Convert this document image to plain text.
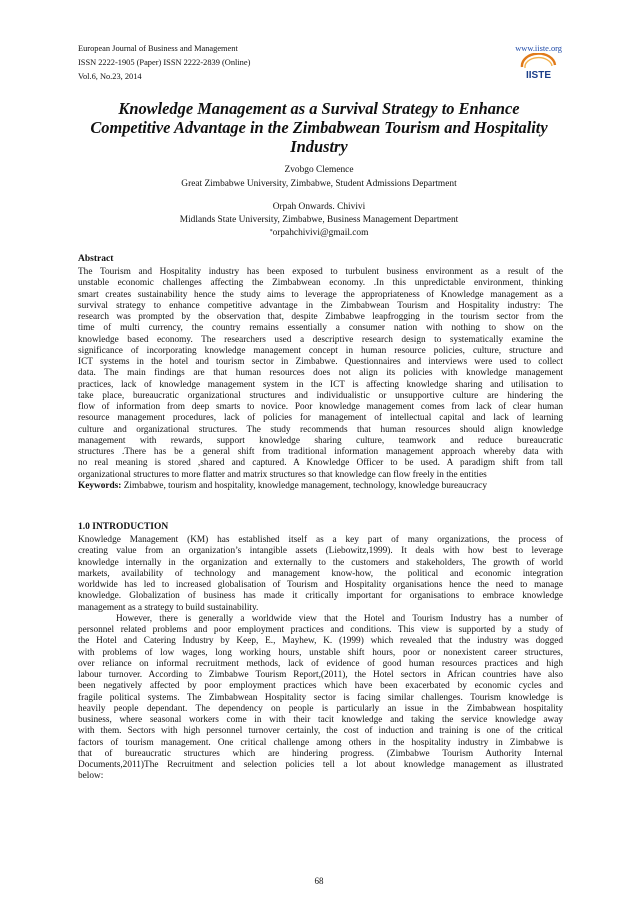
European Journal of Business and Management
ISSN 2222-1905 (Paper) ISSN 2222-2839 (Online)
Vol.6, No.23, 2014
www.iiste.org
IISTE
Knowledge Management as a Survival Strategy to Enhance Competitive Advantage in the Zimbabwean Tourism and Hospitality Industry
Zvobgo Clemence
Great Zimbabwe University, Zimbabwe, Student Admissions Department
Orpah Onwards. Chivivi
Midlands State University, Zimbabwe, Business Management Department
*orpahchivivi@gmail.com
Abstract
The Tourism and Hospitality industry has been exposed to turbulent business environment as a result of the
unstable economic challenges affecting the Zimbabwean economy. .In this unpredictable environment, thinking
smart creates sustainability hence the study aims to leverage the appropriateness of Knowledge management as a
survival strategy to enhance competitive advantage in the Zimbabwean Tourism and Hospitality industry: The
research was prompted by the observation that, despite Zimbabwe leapfrogging in the tourism sector from the
time of multi currency, the country remains essentially a consumer nation with nothing to show on the
knowledge based economy. The researchers used a descriptive research design to systematically examine the
significance of incorporating knowledge management concept in human resource policies, culture, structure and
ICT systems in the hotel and tourism sector in Zimbabwe. Questionnaires and interviews were used to collect
data. The main findings are that human resources does not align its policies with knowledge management
practices, lack of knowledge management system in the ICT is affecting knowledge sharing and utilisation to
take place, bureaucratic organizational structures and individualistic or unsupportive culture are hindering the
flow of information from deep smarts to novice. Poor knowledge management comes from lack of clear human
resource management procedures, lack of policies for management of intellectual capital and lack of learning
culture and organizational structures. The study recommends that human resources should align knowledge
management with rewards, support knowledge sharing culture, teamwork and reduce bureaucratic
structures .There has be a general shift from traditional information management approach whereby data with
no real meaning is stored ,shared and captured. A Knowledge Officer to be used. A paradigm shift from tall
organizational structures to more flatter and matrix structures so that knowledge can flow freely in the entities
Keywords: Zimbabwe, tourism and hospitality, knowledge management, technology, knowledge bureaucracy
1.0 INTRODUCTION
Knowledge Management (KM) has established itself as a key part of many organizations, the process of
creating value from an organization’s intangible assets (Liebowitz,1999). It deals with how best to leverage
knowledge internally in the organization and externally to the customers and stakeholders, The growth of world
markets, availability of technology and management know-how, the political and economic integration
worldwide has led to increased globalisation of Tourism and Hospitality organisations hence the need to manage
knowledge. Globalization of business has made it critically important for organisations to embrace knowledge
management as a strategy to build sustainability.
However, there is generally a worldwide view that the Hotel and Tourism Industry has a number of
personnel related problems and poor employment practices and conditions. This view is supported by a study of
the Hotel and Catering Industry by Keep, E., Mayhew, K. (1999) which revealed that the industry was dogged
with problems of low wages, long working hours, unstable shift hours, poor or nonexistent career structures,
over reliance on informal recruitment methods, lack of evidence of good human resources practices and high
labour turnover. According to Zimbabwe Tourism Report,(2011), the Hotel sectors in African countries have also
been negatively affected by poor employment practices which have been exacerbated by economic cycles and
fragile political systems. The Zimbabwean Hospitality sector is facing similar challenges. Tourism knowledge is
heavily people dependant. The dependency on people is particularly an issue in the Zimbabwean hospitality
business, where seasonal workers come in with their tacit knowledge and taking the service knowledge away
with them. Sectors with high personnel turnover certainly, the cost of induction and training is one of the critical
factors of tourism management. One critical challenge among others in the hospitality industry in Zimbabwe is
that of bureaucratic structures which are hindering progress. (Zimbabwe Tourism Authority Internal
Documents,2011)The Recruitment and selection policies tell a lot about knowledge management as illustrated
below:
68
